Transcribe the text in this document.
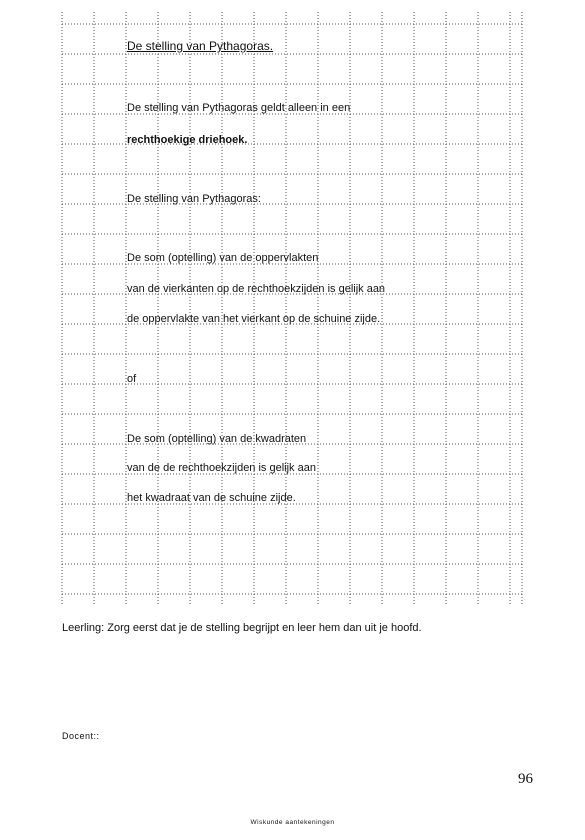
De stelling van Pythagoras.
De stelling van Pythagoras geldt alleen in een
rechthoekige driehoek.
De stelling van Pythagoras:
De som (optelling) van de oppervlakten
van de vierkanten op de rechthoekzijden is gelijk aan
de oppervlakte van het vierkant op de schuine zijde.
of
De som (optelling) van de kwadraten
van de de rechthoekzijden is gelijk aan
het kwadraat van de schuine zijde.
Leerling: Zorg eerst dat je de stelling begrijpt en leer hem dan uit je hoofd.
Docent::
96
Wiskunde aantekeningen
